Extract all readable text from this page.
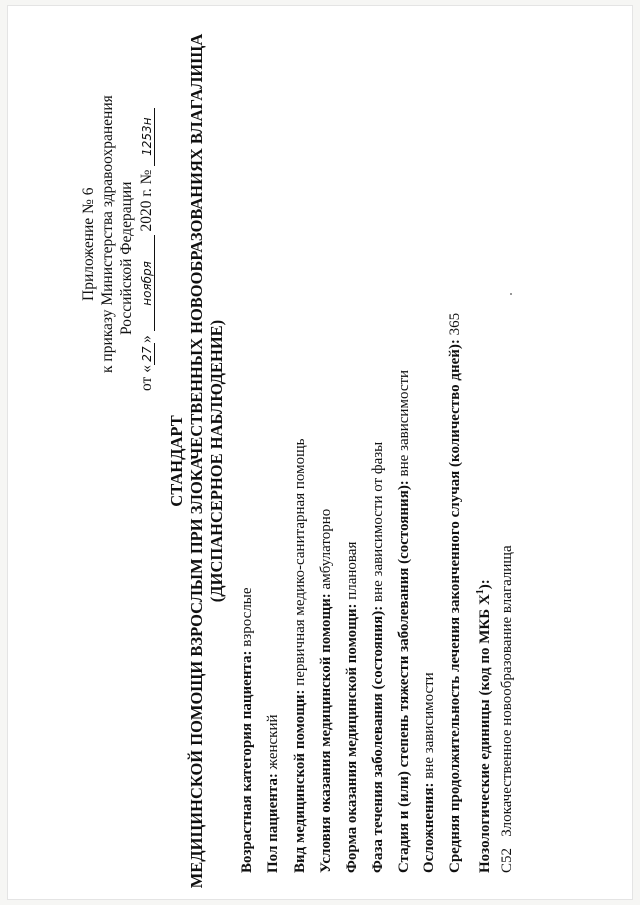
Приложение № 6 к приказу Министерства здравоохранения Российской Федерации
от «27» ноября 2020 г. № 1253н
СТАНДАРТ МЕДИЦИНСКОЙ ПОМОЩИ ВЗРОСЛЫМ ПРИ ЗЛОКАЧЕСТВЕННЫХ НОВООБРАЗОВАНИЯХ ВЛАГАЛИЩА (ДИСПАНСЕРНОЕ НАБЛЮДЕНИЕ)
Возрастная категория пациента: взрослые
Пол пациента: женский Вид медицинской помощи: первичная медико-санитарная помощь
Условия оказания медицинской помощи: амбулаторно
Форма оказания медицинской помощи: плановая
Фаза течения заболевания (состояния): вне зависимости от фазы Стадия и (или) степень тяжести заболевания (состояния): вне зависимости
Осложнения: вне зависимости Средняя продолжительность лечения законченного случая (количество дней): 365
Нозологические единицы (код по МКБ $X^1$):
C52   Злокачественное новообразование влагалища
